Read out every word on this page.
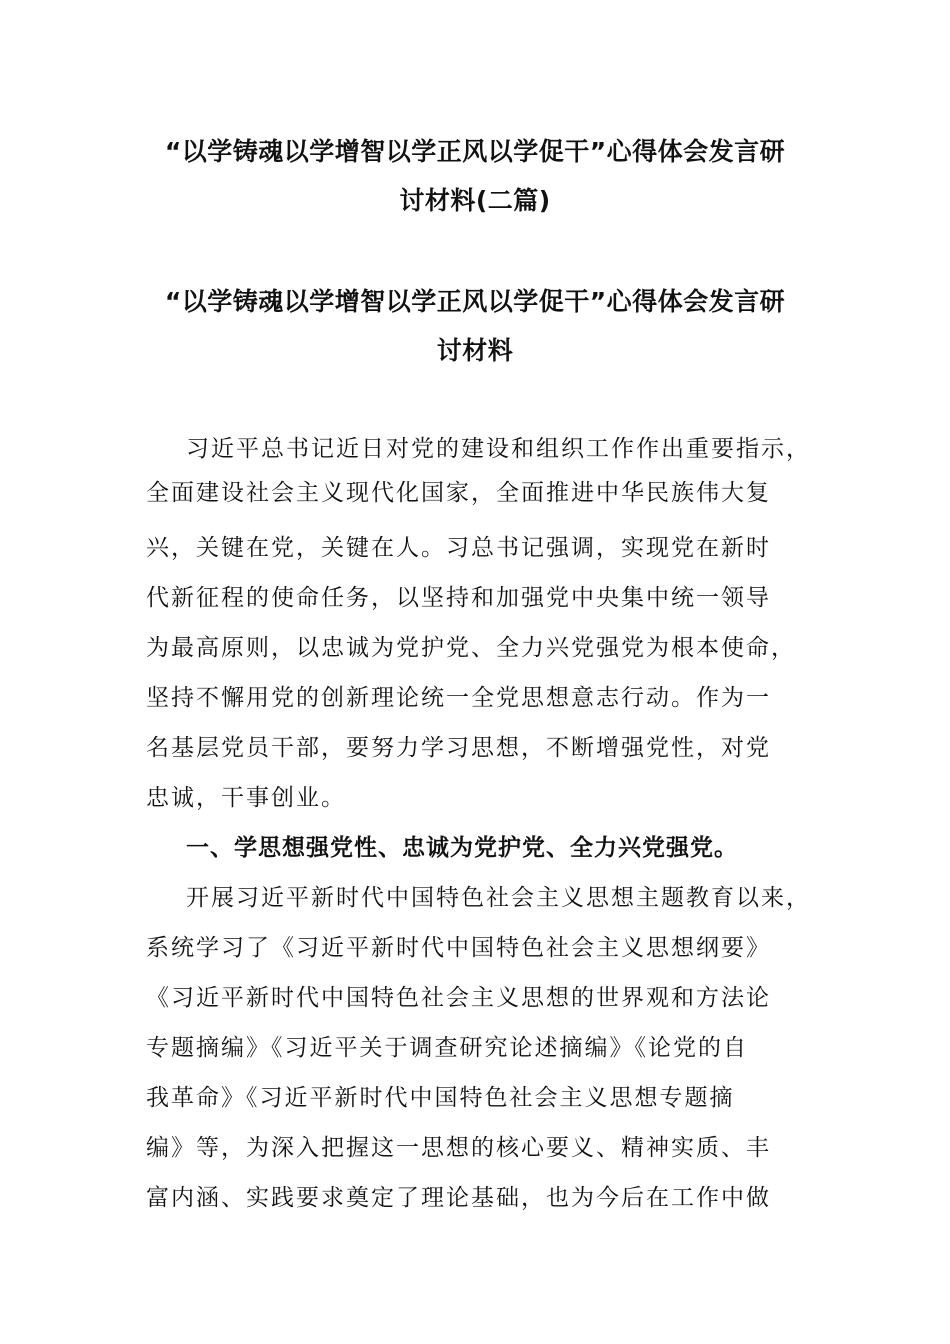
“以学铸魂以学增智以学正风以学促干”心得体会发言研
讨材料(二篇)
“以学铸魂以学增智以学正风以学促干”心得体会发言研
讨材料
习近平总书记近日对党的建设和组织工作作出重要指示，
全面建设社会主义现代化国家，全面推进中华民族伟大复
兴，关键在党，关键在人。习总书记强调，实现党在新时
代新征程的使命任务，以坚持和加强党中央集中统一领导
为最高原则，以忠诚为党护党、全力兴党强党为根本使命，
坚持不懈用党的创新理论统一全党思想意志行动。作为一
名基层党员干部，要努力学习思想，不断增强党性，对党
忠诚，干事创业。
一、学思想强党性、忠诚为党护党、全力兴党强党。
开展习近平新时代中国特色社会主义思想主题教育以来，
系统学习了《习近平新时代中国特色社会主义思想纲要》
《习近平新时代中国特色社会主义思想的世界观和方法论
专题摘编》《习近平关于调查研究论述摘编》《论党的自
我革命》《习近平新时代中国特色社会主义思想专题摘
编》等，为深入把握这一思想的核心要义、精神实质、丰
富内涵、实践要求奠定了理论基础，也为今后在工作中做
